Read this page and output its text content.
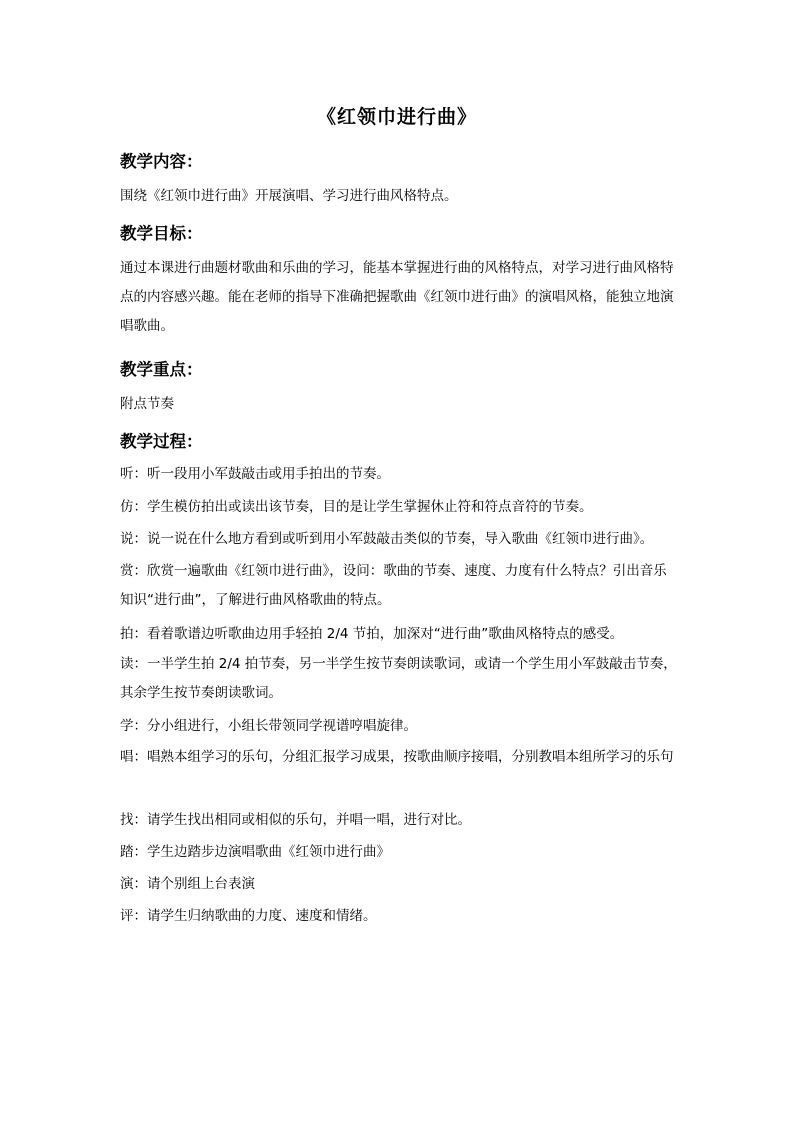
《红领巾进行曲》
教学内容：

围绕《红领巾进行曲》开展演唱、学习进行曲风格特点。

教学目标：

通过本课进行曲题材歌曲和乐曲的学习，能基本掌握进行曲的风格特点，对学习进行曲风格特点的内容感兴趣。能在老师的指导下准确把握歌曲《红领巾进行曲》的演唱风格，能独立地演唱歌曲。

教学重点：

附点节奏

教学过程：

听：听一段用小军鼓敲击或用手拍出的节奏。

仿：学生模仿拍出或读出该节奏，目的是让学生掌握休止符和符点音符的节奏。

说：说一说在什么地方看到或听到用小军鼓敲击类似的节奏，导入歌曲《红领巾进行曲》。

赏：欣赏一遍歌曲《红领巾进行曲》，设问：歌曲的节奏、速度、力度有什么特点？引出音乐知识“进行曲”，了解进行曲风格歌曲的特点。

拍：看着歌谱边听歌曲边用手轻拍 2/4 节拍，加深对“进行曲”歌曲风格特点的感受。

读：一半学生拍 2/4 拍节奏，另一半学生按节奏朗读歌词，或请一个学生用小军鼓敲击节奏，其余学生按节奏朗读歌词。

学：分小组进行，小组长带领同学视谱哼唱旋律。

唱：唱熟本组学习的乐句，分组汇报学习成果，按歌曲顺序接唱，分别教唱本组所学习的乐句

找：请学生找出相同或相似的乐句，并唱一唱，进行对比。

踏：学生边踏步边演唱歌曲《红领巾进行曲》

演：请个别组上台表演

评：请学生归纳歌曲的力度、速度和情绪。
